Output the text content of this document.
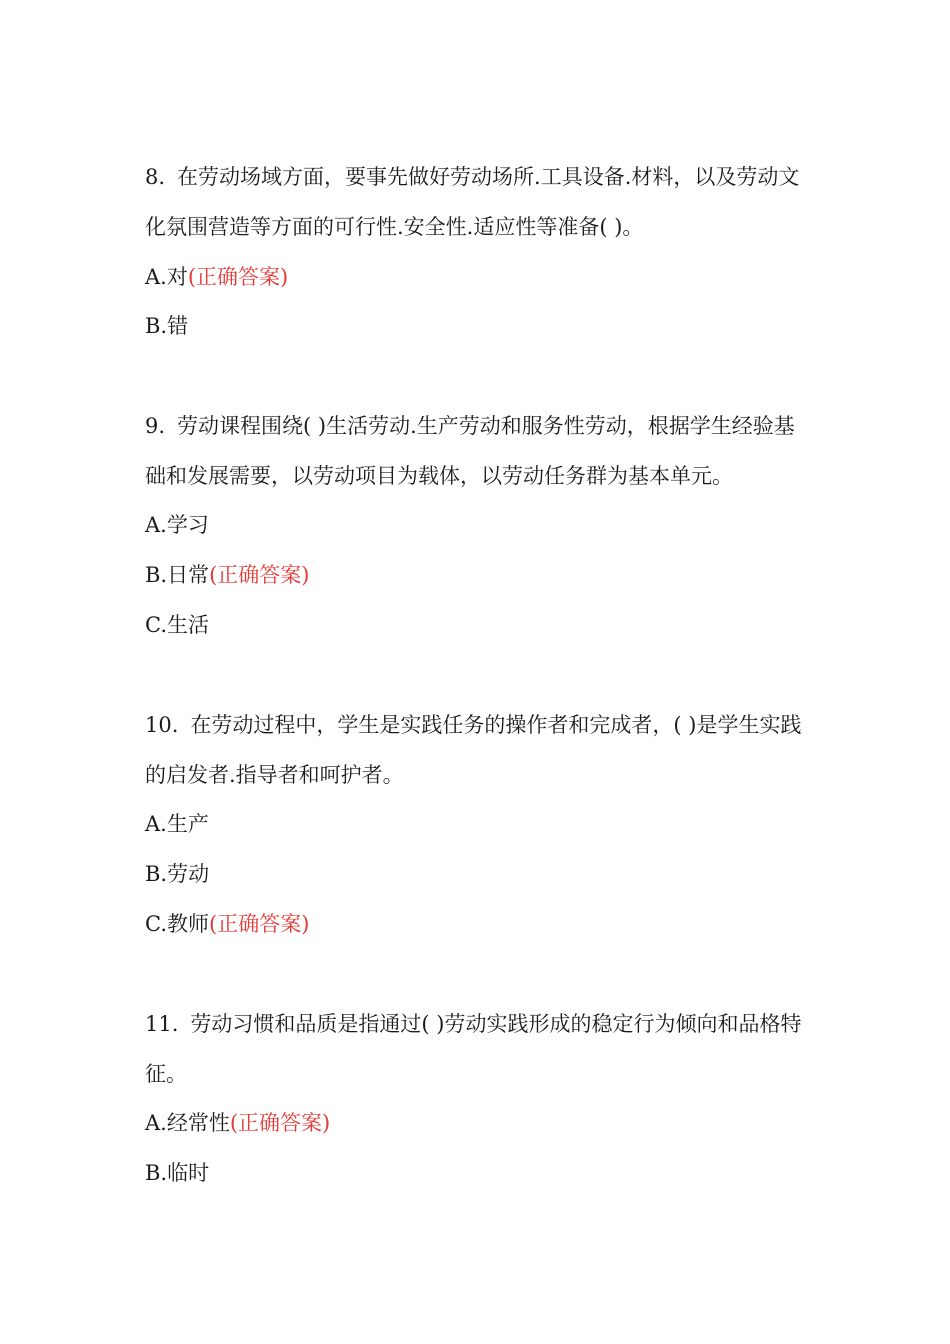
8. 在劳动场域方面，要事先做好劳动场所.工具设备.材料，以及劳动文化氛围营造等方面的可行性.安全性.适应性等准备( )。

A.对(正确答案)

B.错

9. 劳动课程围绕( )生活劳动.生产劳动和服务性劳动，根据学生经验基础和发展需要，以劳动项目为载体，以劳动任务群为基本单元。

A.学习

B.日常(正确答案)

C.生活

10. 在劳动过程中，学生是实践任务的操作者和完成者，( )是学生实践的启发者.指导者和呵护者。

A.生产

B.劳动

C.教师(正确答案)

11. 劳动习惯和品质是指通过( )劳动实践形成的稳定行为倾向和品格特征。

A.经常性(正确答案)

B.临时
